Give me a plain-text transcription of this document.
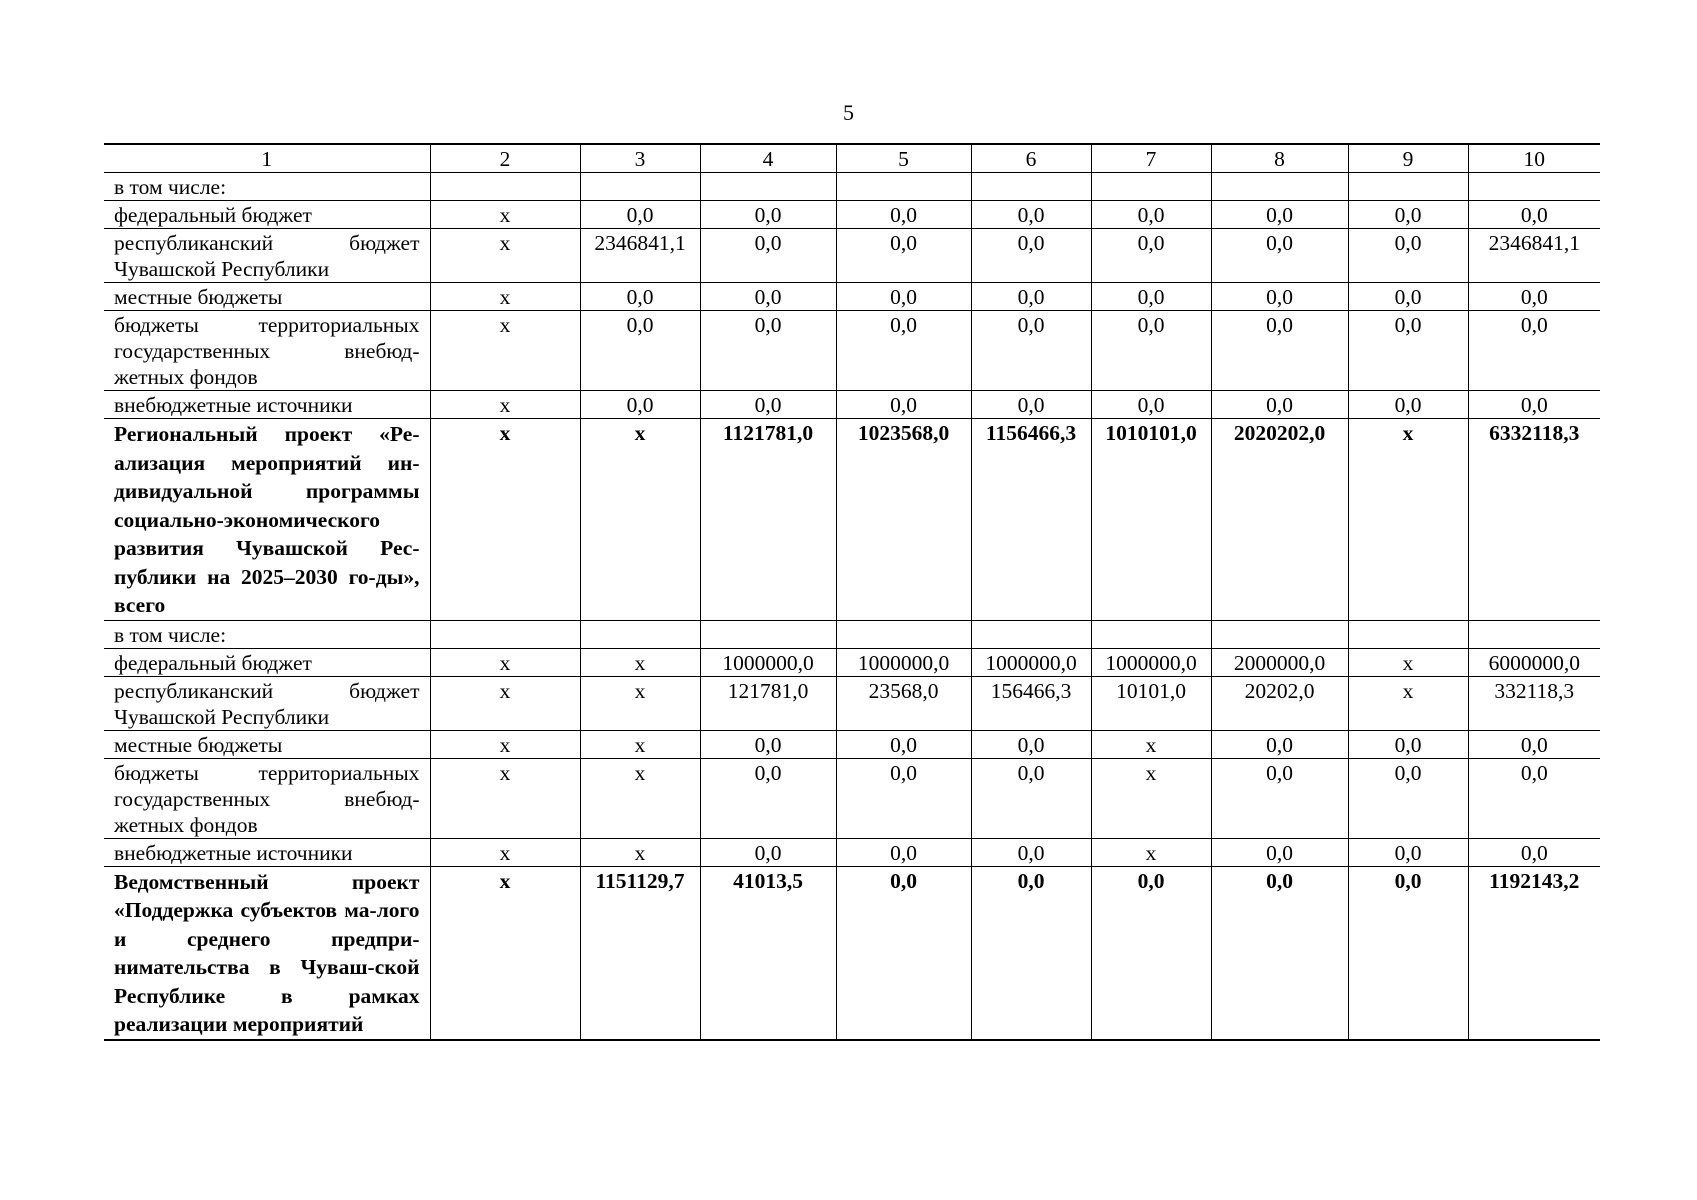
5
1	2	3	4	5	6	7	8	9	10
в том числе:									
федеральный бюджет	x	0,0	0,0	0,0	0,0	0,0	0,0	0,0	0,0
республиканский бюджет Чувашской Республики	x	2346841,1	0,0	0,0	0,0	0,0	0,0	0,0	2346841,1
местные бюджеты	x	0,0	0,0	0,0	0,0	0,0	0,0	0,0	0,0
бюджеты территориальных государственных внебюд-жетных фондов	x	0,0	0,0	0,0	0,0	0,0	0,0	0,0	0,0
внебюджетные источники	x	0,0	0,0	0,0	0,0	0,0	0,0	0,0	0,0
Региональный проект «Ре-ализация мероприятий ин-дивидуальной программы социально-экономического развития Чувашской Рес-публики на 2025–2030 го-ды», всего	x	x	1121781,0	1023568,0	1156466,3	1010101,0	2020202,0	x	6332118,3
в том числе:									
федеральный бюджет	x	x	1000000,0	1000000,0	1000000,0	1000000,0	2000000,0	x	6000000,0
республиканский бюджет Чувашской Республики	x	x	121781,0	23568,0	156466,3	10101,0	20202,0	x	332118,3
местные бюджеты	x	x	0,0	0,0	0,0	x	0,0	0,0	0,0
бюджеты территориальных государственных внебюд-жетных фондов	x	x	0,0	0,0	0,0	x	0,0	0,0	0,0
внебюджетные источники	x	x	0,0	0,0	0,0	x	0,0	0,0	0,0
Ведомственный проект «Поддержка субъектов ма-лого и среднего предпри-нимательства в Чуваш-ской Республике в рамках реализации мероприятий	x	1151129,7	41013,5	0,0	0,0	0,0	0,0	0,0	1192143,2
